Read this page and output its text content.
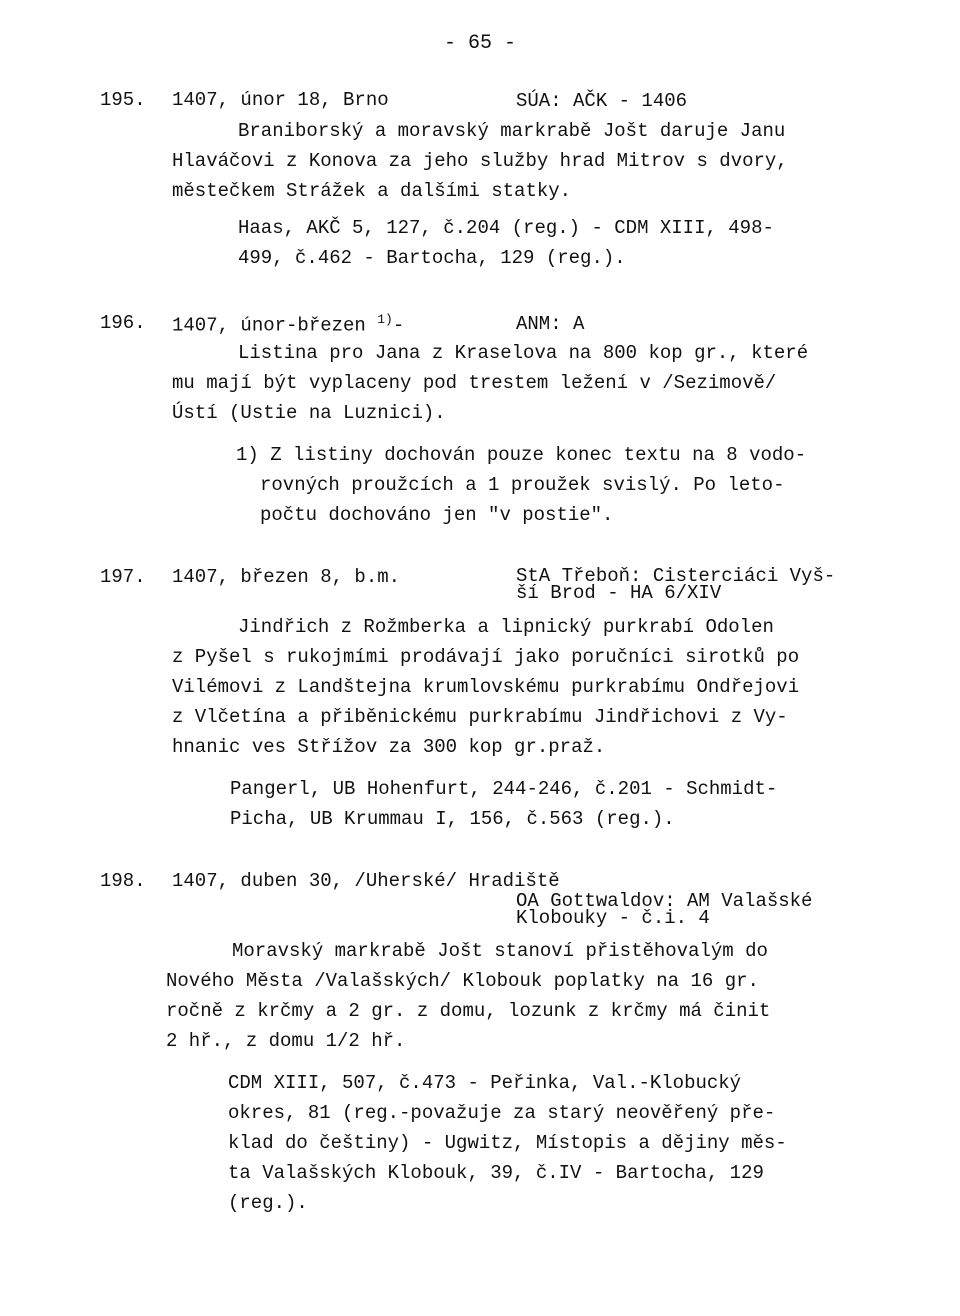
- 65 -
195. 1407, únor 18, Brno	SÚA: AČK - 1406
Braniborský a moravský markrabě Jošt daruje Janu
Hlaváčovi z Konova za jeho služby hrad Mitrov s dvory,
městečkem Strážek a dalšími statky.
Haas, AKČ 5, 127, č.204 (reg.) - CDM XIII, 498-
499, č.462 - Bartocha, 129 (reg.).
196. 1407, únor-březen $^{1)}$-	ANM: A
Listina pro Jana z Kraselova na 800 kop gr., které
mu mají být vyplaceny pod trestem ležení v /Sezimově/
Ústí (Ustie na Luznici).
1) Z listiny dochován pouze konec textu na 8 vodo-
rovných proužcích a 1 proužek svislý. Po leto-
počtu dochováno jen "v postie".
197. 1407, březen 8, b.m.	StA Třeboň: Cisterciáci Vyš-
ší Brod - HA 6/XIV
Jindřich z Rožmberka a lipnický purkrabí Odolen
z Pyšel s rukojmími prodávají jako poručníci sirotků po
Vilémovi z Landštejna krumlovskému purkrabímu Ondřejovi
z Vlčetína a přiběnickému purkrabímu Jindřichovi z Vy-
hnanic ves Střížov za 300 kop gr.praž.
Pangerl, UB Hohenfurt, 244-246, č.201 - Schmidt-
Picha, UB Krummau I, 156, č.563 (reg.).
198. 1407, duben 30, /Uherské/ Hradiště
OA Gottwaldov: AM Valašské
Klobouky - č.i. 4
Moravský markrabě Jošt stanoví přistěhovalým do
Nového Města /Valašských/ Klobouk poplatky na 16 gr.
ročně z krčmy a 2 gr. z domu, lozunk z krčmy má činit
2 hř., z domu 1/2 hř.
CDM XIII, 507, č.473 - Peřinka, Val.-Klobucký
okres, 81 (reg.-považuje za starý neověřený pře-
klad do češtiny) - Ugwitz, Místopis a dějiny měs-
ta Valašských Klobouk, 39, č.IV - Bartocha, 129
(reg.).
